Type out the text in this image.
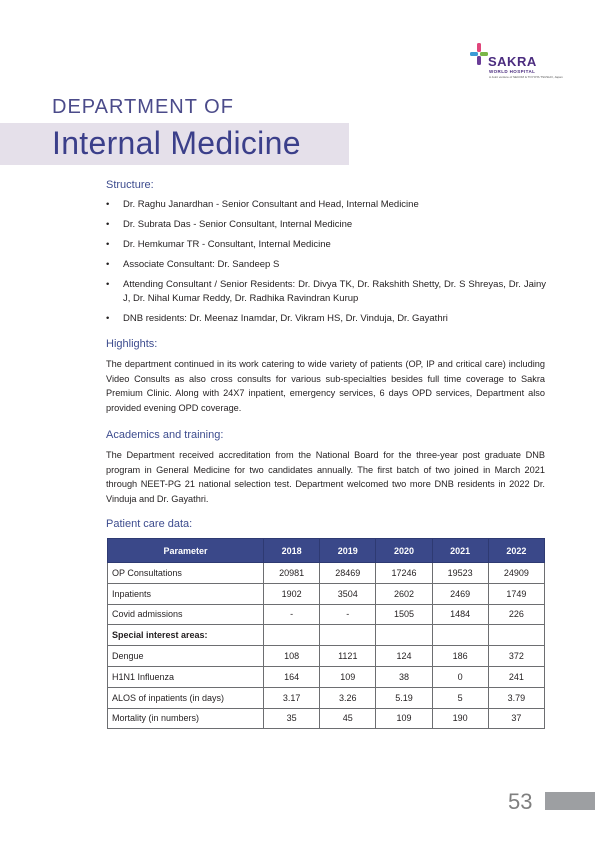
SAKRA
WORLD HOSPITAL
A Joint venture of SECOM & TOYOTA TSUSHO, Japan
DEPARTMENT OF
Internal Medicine
Structure:
• Dr. Raghu Janardhan - Senior Consultant and Head, Internal Medicine
• Dr. Subrata Das - Senior Consultant, Internal Medicine
• Dr. Hemkumar TR - Consultant, Internal Medicine
• Associate Consultant: Dr. Sandeep S
• Attending Consultant / Senior Residents: Dr. Divya TK, Dr. Rakshith Shetty, Dr. S Shreyas, Dr. Jainy J, Dr. Nihal Kumar Reddy, Dr. Radhika Ravindran Kurup
• DNB residents: Dr. Meenaz Inamdar, Dr. Vikram HS, Dr. Vinduja, Dr. Gayathri
Highlights:

The department continued in its work catering to wide variety of patients (OP, IP and critical care) including Video Consults as also cross consults for various sub-specialties besides full time coverage to Sakra Premium Clinic. Along with 24X7 inpatient, emergency services, 6 days OPD services, Department also provided evening OPD coverage.

Academics and training:

The Department received accreditation from the National Board for the three-year post graduate DNB program in General Medicine for two candidates annually. The first batch of two joined in March 2021 through NEET-PG 21 national selection test. Department welcomed two more DNB residents in 2022 Dr. Vinduja and Dr. Gayathri.

Patient care data:
Parameter	2018	2019	2020	2021	2022
OP Consultations	20981	28469	17246	19523	24909
Inpatients	1902	3504	2602	2469	1749
Covid admissions	-	-	1505	1484	226
Special interest areas:					
Dengue	108	1121	124	186	372
H1N1 Influenza	164	109	38	0	241
ALOS of inpatients (in days)	3.17	3.26	5.19	5	3.79
Mortality (in numbers)	35	45	109	190	37
53
